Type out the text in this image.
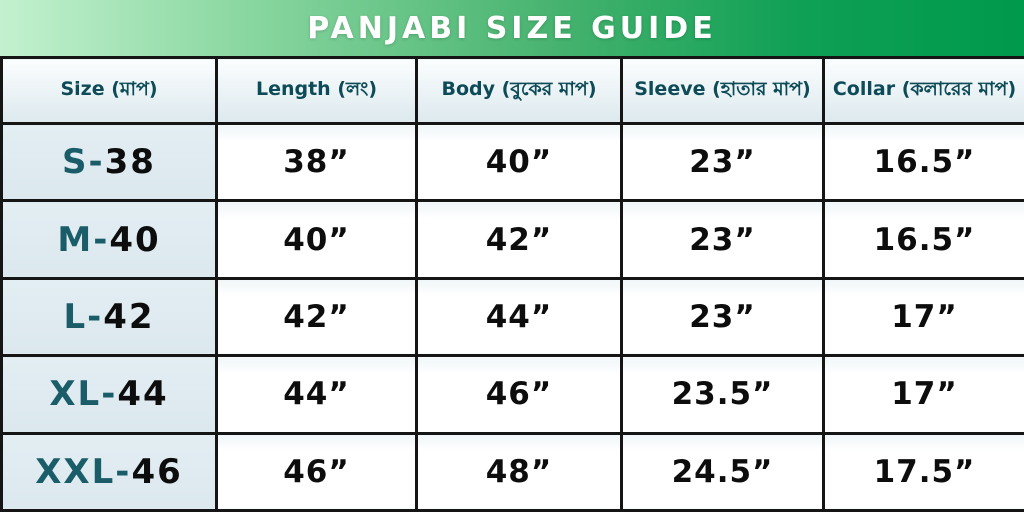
PANJABI SIZE GUIDE
Size (মাপ)	Length (লং)	Body (বুকের মাপ)	Sleeve (হাতার মাপ)	Collar (কলারের মাপ)
S-38	38”	40”	23”	16.5”
M-40	40”	42”	23”	16.5”
L-42	42”	44”	23”	17”
XL-44	44”	46”	23.5”	17”
XXL-46	46”	48”	24.5”	17.5”
